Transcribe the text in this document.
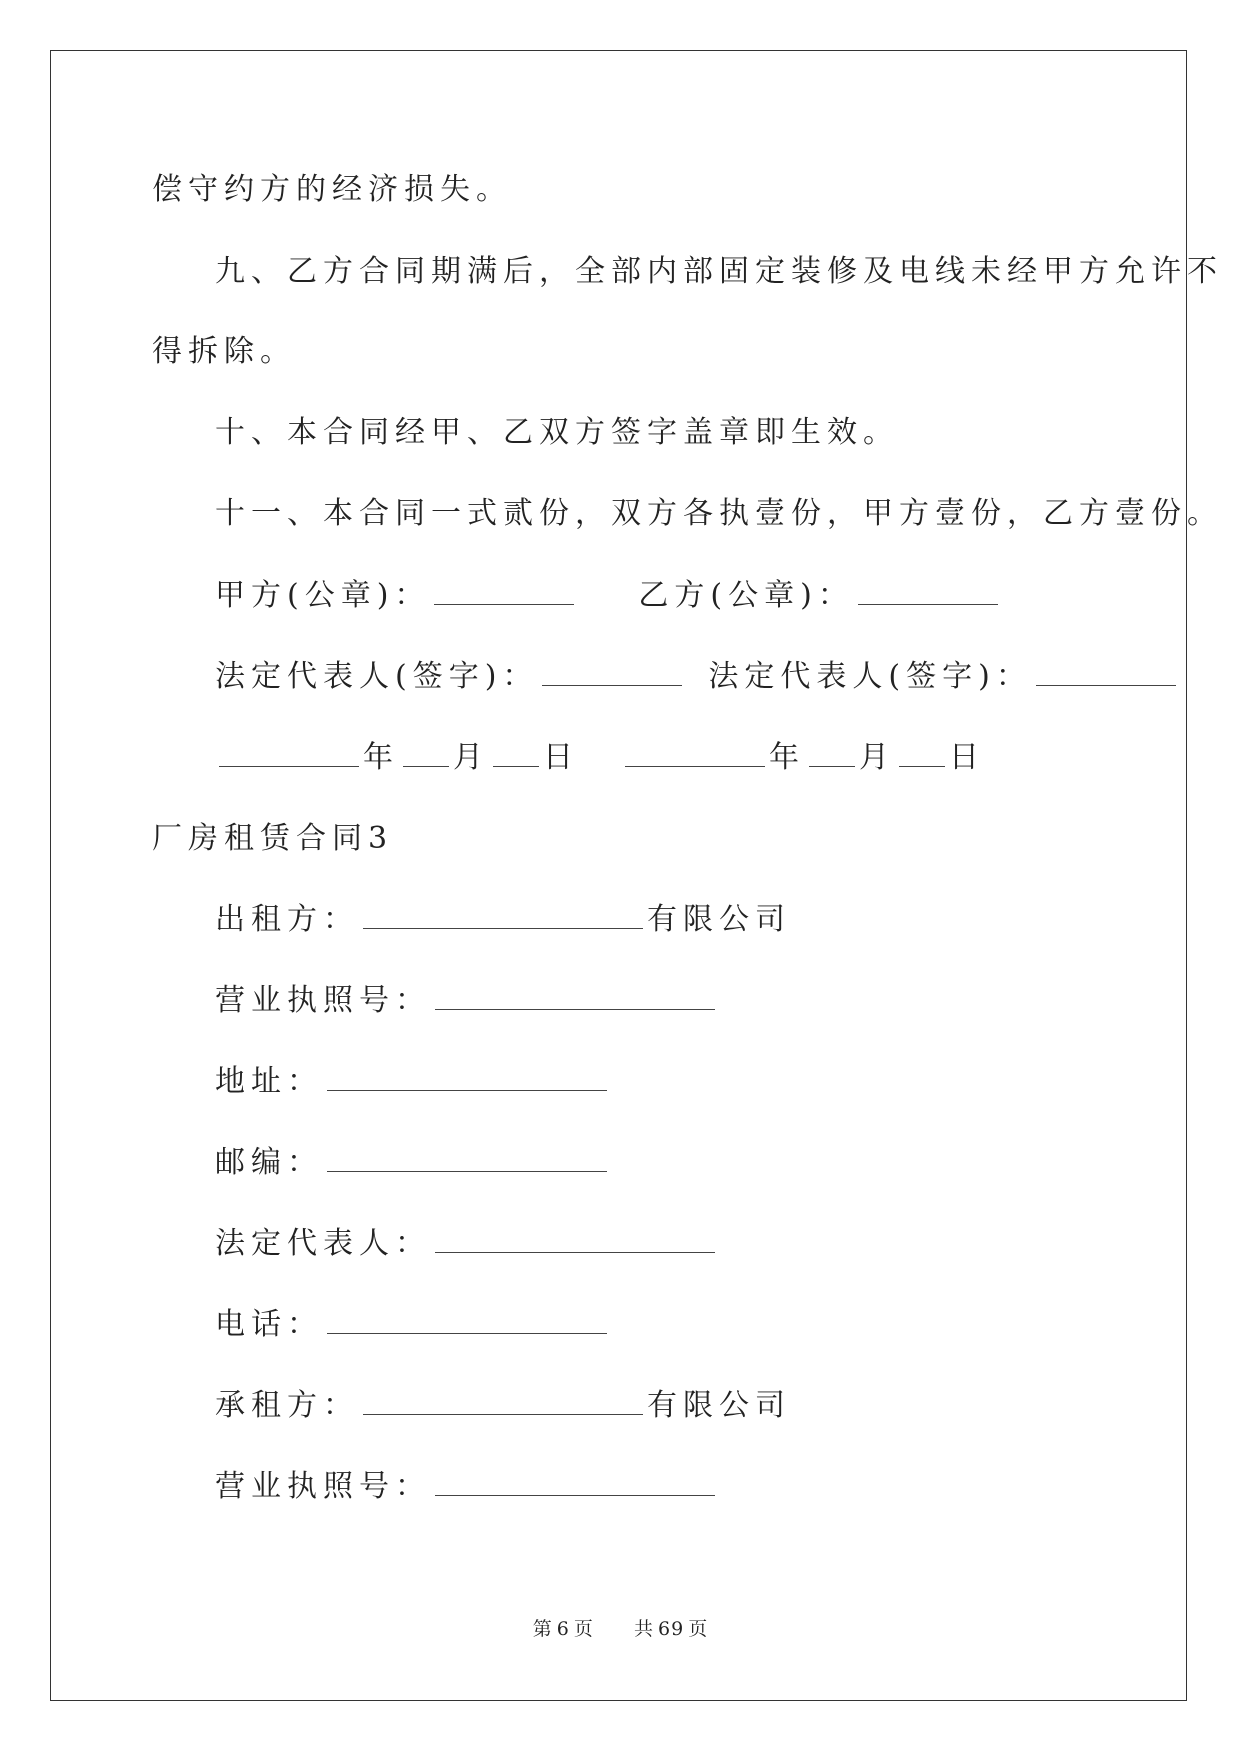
偿守约方的经济损失。
九、乙方合同期满后，全部内部固定装修及电线未经甲方允许不
得拆除。
十、本合同经甲、乙双方签字盖章即生效。
十一、本合同一式贰份，双方各执壹份，甲方壹份，乙方壹份。
甲方(公章)：	乙方(公章)：
法定代表人(签字)：	法定代表人(签字)：
年 月 日	年 月 日
厂房租赁合同3
出租方：	有限公司
营业执照号：
地址：
邮编：
法定代表人：
电话：
承租方：	有限公司
营业执照号：
第 6 页 共 69 页
